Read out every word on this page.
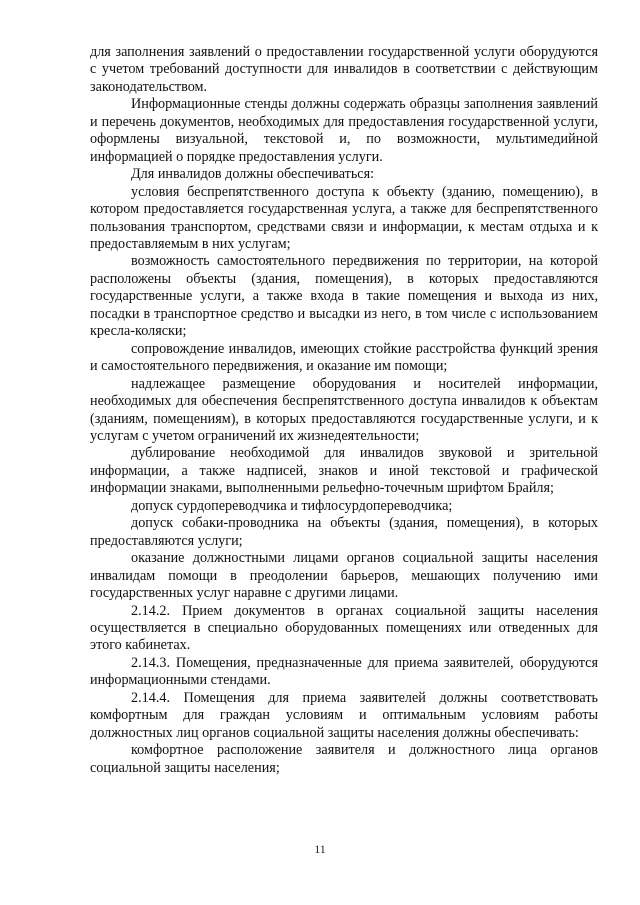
для заполнения заявлений о предоставлении государственной услуги оборудуются с учетом требований доступности для инвалидов в соответствии с действующим законодательством.

Информационные стенды должны содержать образцы заполнения заявлений и перечень документов, необходимых для предоставления государственной услуги, оформлены визуальной, текстовой и, по возможности, мультимедийной информацией о порядке предоставления услуги.

Для инвалидов должны обеспечиваться:

условия беспрепятственного доступа к объекту (зданию, помещению), в котором предоставляется государственная услуга, а также для беспрепятственного пользования транспортом, средствами связи и информации, к местам отдыха и к предоставляемым в них услугам;

возможность самостоятельного передвижения по территории, на которой расположены объекты (здания, помещения), в которых предоставляются государственные услуги, а также входа в такие помещения и выхода из них, посадки в транспортное средство и высадки из него, в том числе с использованием кресла-коляски;

сопровождение инвалидов, имеющих стойкие расстройства функций зрения и самостоятельного передвижения, и оказание им помощи;

надлежащее размещение оборудования и носителей информации, необходимых для обеспечения беспрепятственного доступа инвалидов к объектам (зданиям, помещениям), в которых предоставляются государственные услуги, и к услугам с учетом ограничений их жизнедеятельности;

дублирование необходимой для инвалидов звуковой и зрительной информации, а также надписей, знаков и иной текстовой и графической информации знаками, выполненными рельефно-точечным шрифтом Брайля;

допуск сурдопереводчика и тифлосурдопереводчика;

допуск собаки-проводника на объекты (здания, помещения), в которых предоставляются услуги;

оказание должностными лицами органов социальной защиты населения инвалидам помощи в преодолении барьеров, мешающих получению ими государственных услуг наравне с другими лицами.

2.14.2. Прием документов в органах социальной защиты населения осуществляется в специально оборудованных помещениях или отведенных для этого кабинетах.

2.14.3. Помещения, предназначенные для приема заявителей, оборудуются информационными стендами.

2.14.4. Помещения для приема заявителей должны соответствовать комфортным для граждан условиям и оптимальным условиям работы должностных лиц органов социальной защиты населения должны обеспечивать:

комфортное расположение заявителя и должностного лица органов социальной защиты населения;

11
